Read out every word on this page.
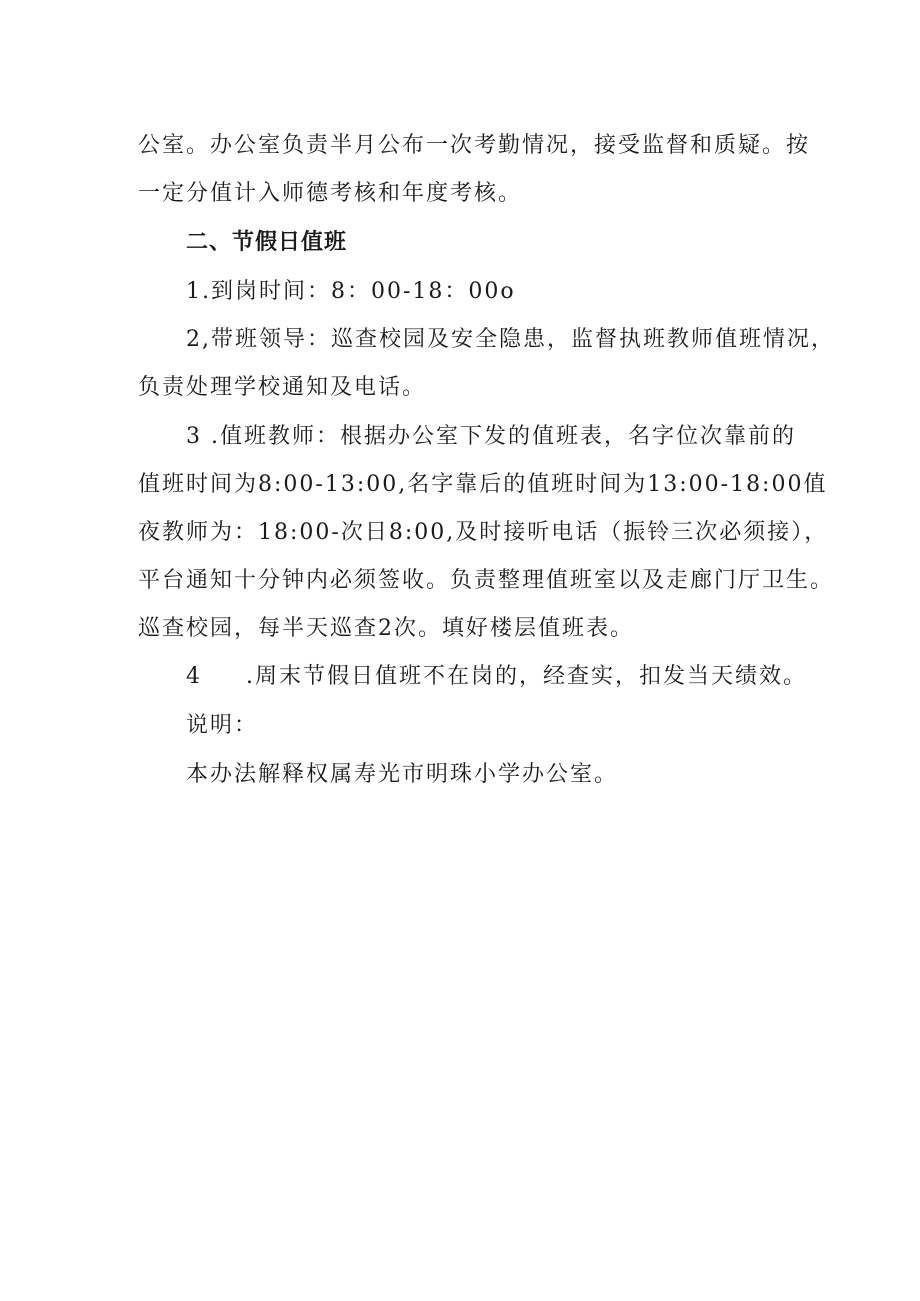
公室。办公室负责半月公布一次考勤情况，接受监督和质疑。按
一定分值计入师德考核和年度考核。
二、节假日值班
1.到岗时间：8：00-18：00o
2,带班领导：巡查校园及安全隐患，监督执班教师值班情况，
负责处理学校通知及电话。
3 .值班教师：根据办公室下发的值班表，名字位次靠前的
值班时间为8:00-13:00,名字靠后的值班时间为13:00-18:00值
夜教师为：18:00-次日8:00,及时接听电话（振铃三次必须接），
平台通知十分钟内必须签收。负责整理值班室以及走廊门厅卫生。
巡查校园，每半天巡查2次。填好楼层值班表。
4 .周末节假日值班不在岗的，经查实，扣发当天绩效。
说明：
本办法解释权属寿光市明珠小学办公室。
